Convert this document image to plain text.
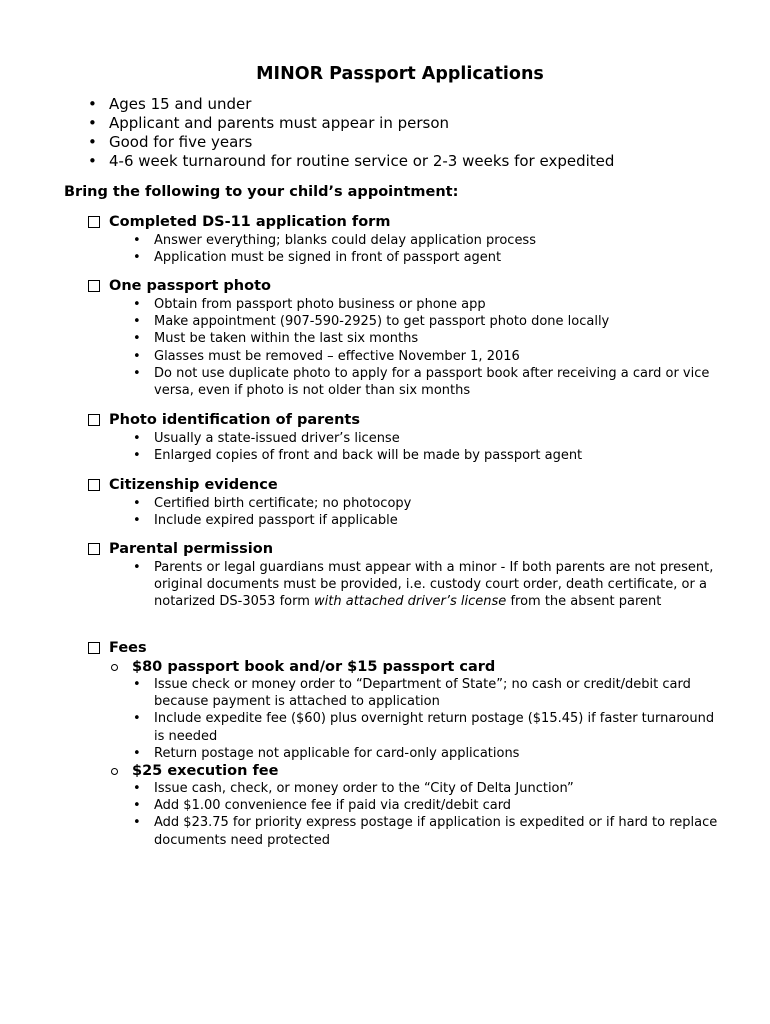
MINOR Passport Applications
• Ages 15 and under
• Applicant and parents must appear in person
• Good for five years
• 4-6 week turnaround for routine service or 2-3 weeks for expedited
Bring the following to your child’s appointment:
Completed DS-11 application form
• Answer everything; blanks could delay application process
• Application must be signed in front of passport agent
One passport photo
• Obtain from passport photo business or phone app
• Make appointment (907-590-2925) to get passport photo done locally
• Must be taken within the last six months
• Glasses must be removed – effective November 1, 2016
• Do not use duplicate photo to apply for a passport book after receiving a card or vice versa, even if photo is not older than six months
Photo identification of parents
• Usually a state-issued driver’s license
• Enlarged copies of front and back will be made by passport agent
Citizenship evidence
• Certified birth certificate; no photocopy
• Include expired passport if applicable
Parental permission
• Parents or legal guardians must appear with a minor - If both parents are not present, original documents must be provided, i.e. custody court order, death certificate, or a notarized DS-3053 form with attached driver’s license from the absent parent
Fees
$80 passport book and/or $15 passport card
• Issue check or money order to “Department of State”; no cash or credit/debit card because payment is attached to application
• Include expedite fee ($60) plus overnight return postage ($15.45) if faster turnaround is needed
• Return postage not applicable for card-only applications
$25 execution fee
• Issue cash, check, or money order to the “City of Delta Junction”
• Add $1.00 convenience fee if paid via credit/debit card
• Add $23.75 for priority express postage if application is expedited or if hard to replace documents need protected
